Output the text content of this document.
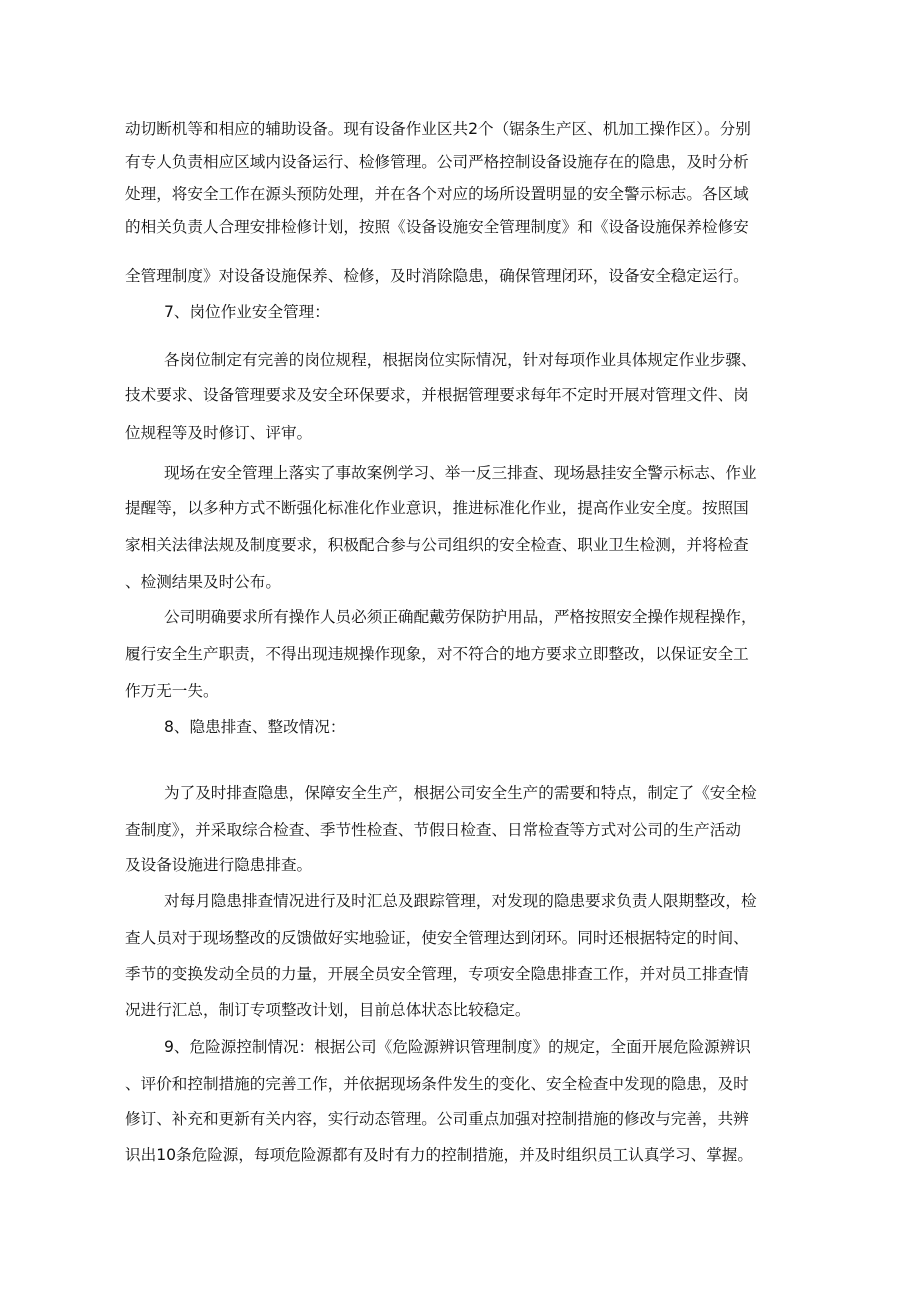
动切断机等和相应的辅助设备。现有设备作业区共2个（锯条生产区、机加工操作区）。分别
有专人负责相应区域内设备运行、检修管理。公司严格控制设备设施存在的隐患，及时分析
处理，将安全工作在源头预防处理，并在各个对应的场所设置明显的安全警示标志。各区域
的相关负责人合理安排检修计划，按照《设备设施安全管理制度》和《设备设施保养检修安
全管理制度》对设备设施保养、检修，及时消除隐患，确保管理闭环，设备安全稳定运行。
7、岗位作业安全管理：
各岗位制定有完善的岗位规程，根据岗位实际情况，针对每项作业具体规定作业步骤、
技术要求、设备管理要求及安全环保要求，并根据管理要求每年不定时开展对管理文件、岗
位规程等及时修订、评审。
现场在安全管理上落实了事故案例学习、举一反三排查、现场悬挂安全警示标志、作业
提醒等，以多种方式不断强化标准化作业意识，推进标准化作业，提高作业安全度。按照国
家相关法律法规及制度要求，积极配合参与公司组织的安全检查、职业卫生检测，并将检查
、检测结果及时公布。
公司明确要求所有操作人员必须正确配戴劳保防护用品，严格按照安全操作规程操作，
履行安全生产职责，不得出现违规操作现象，对不符合的地方要求立即整改，以保证安全工
作万无一失。
8、隐患排查、整改情况：
为了及时排查隐患，保障安全生产，根据公司安全生产的需要和特点，制定了《安全检
查制度》，并采取综合检查、季节性检查、节假日检查、日常检查等方式对公司的生产活动
及设备设施进行隐患排查。
对每月隐患排查情况进行及时汇总及跟踪管理，对发现的隐患要求负责人限期整改，检
查人员对于现场整改的反馈做好实地验证，使安全管理达到闭环。同时还根据特定的时间、
季节的变换发动全员的力量，开展全员安全管理，专项安全隐患排查工作，并对员工排查情
况进行汇总，制订专项整改计划，目前总体状态比较稳定。
9、危险源控制情况：根据公司《危险源辨识管理制度》的规定，全面开展危险源辨识
、评价和控制措施的完善工作，并依据现场条件发生的变化、安全检查中发现的隐患，及时
修订、补充和更新有关内容，实行动态管理。公司重点加强对控制措施的修改与完善，共辨
识出10条危险源，每项危险源都有及时有力的控制措施，并及时组织员工认真学习、掌握。
